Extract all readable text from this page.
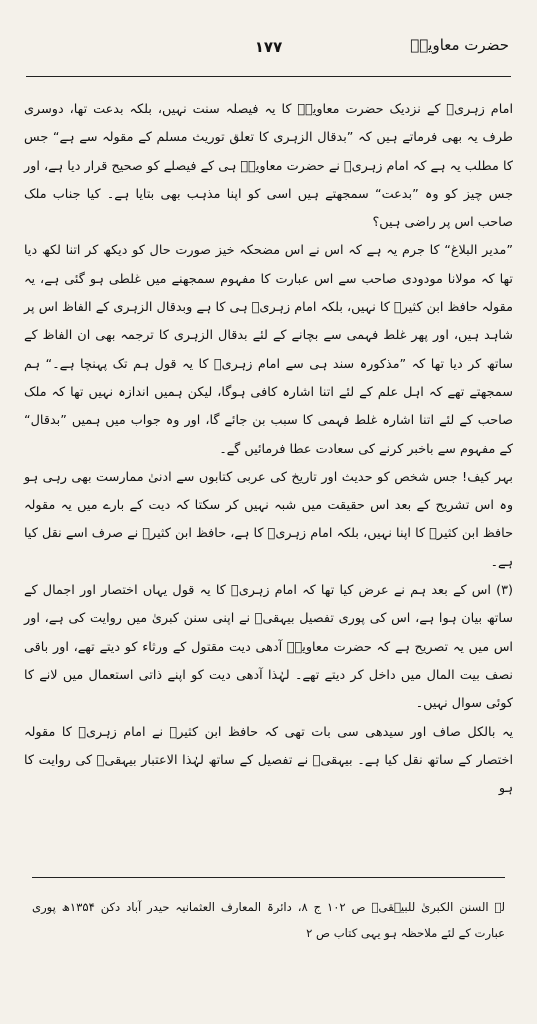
حضرت معاویہؓ
۱۷۷

امام زہریؒ کے نزدیک حضرت معاویہؓ کا یہ فیصلہ سنت نہیں، بلکہ بدعت تھا، دوسری طرف یہ بھی فرماتے ہیں کہ ”بدقال الزہری کا تعلق توریث مسلم کے مقولہ سے ہے“ جس کا مطلب یہ ہے کہ امام زہریؒ نے حضرت معاویہؓ ہی کے فیصلے کو صحیح قرار دیا ہے، اور جس چیز کو وہ ”بدعت“ سمجھتے ہیں اسی کو اپنا مذہب بھی بتایا ہے۔ کیا جناب ملک صاحب اس پر راضی ہیں؟

”مدیر البلاغ“ کا جرم یہ ہے کہ اس نے اس مضحکہ خیز صورت حال کو دیکھ کر اتنا لکھ دیا تھا کہ مولانا مودودی صاحب سے اس عبارت کا مفہوم سمجھنے میں غلطی ہو گئی ہے، یہ مقولہ حافظ ابن کثیرؒ کا نہیں، بلکہ امام زہریؒ ہی کا ہے وبدقال الزہری کے الفاظ اس پر شاہد ہیں، اور پھر غلط فہمی سے بچانے کے لئے بدقال الزہری کا ترجمہ بھی ان الفاظ کے ساتھ کر دیا تھا کہ ”مذکورہ سند ہی سے امام زہریؒ کا یہ قول ہم تک پہنچا ہے۔“ ہم سمجھتے تھے کہ اہل علم کے لئے اتنا اشارہ کافی ہوگا، لیکن ہمیں اندازہ نہیں تھا کہ ملک صاحب کے لئے اتنا اشارہ غلط فہمی کا سبب بن جائے گا، اور وہ جواب میں ہمیں ”بدقال“ کے مفہوم سے باخبر کرنے کی سعادت عطا فرمائیں گے۔

بہر کیف! جس شخص کو حدیث اور تاریخ کی عربی کتابوں سے ادنیٰ ممارست بھی رہی ہو وہ اس تشریح کے بعد اس حقیقت میں شبہ نہیں کر سکتا کہ دیت کے بارے میں یہ مقولہ حافظ ابن کثیرؒ کا اپنا نہیں، بلکہ امام زہریؒ کا ہے، حافظ ابن کثیرؒ نے صرف اسے نقل کیا ہے۔

(۳) اس کے بعد ہم نے عرض کیا تھا کہ امام زہریؒ کا یہ قول یہاں اختصار اور اجمال کے ساتھ بیان ہوا ہے، اس کی پوری تفصیل بیہقیؒ نے اپنی سنن کبریٰ میں روایت کی ہے، اور اس میں یہ تصریح ہے کہ حضرت معاویہؓ آدھی دیت مقتول کے ورثاء کو دیتے تھے، اور باقی نصف بیت المال میں داخل کر دیتے تھے۔ لہٰذا آدھی دیت کو اپنے ذاتی استعمال میں لانے کا کوئی سوال نہیں۔

یہ بالکل صاف اور سیدھی سی بات تھی کہ حافظ ابن کثیرؒ نے امام زہریؒ کا مقولہ اختصار کے ساتھ نقل کیا ہے۔ بیہقیؒ نے تفصیل کے ساتھ لہٰذا الاعتبار بیہقیؒ کی روایت کا ہو

لہ السنن الکبریٰ للبیہقیؒ ص ۱۰۲ ج ۸، دائرۃ المعارف العثمانیہ حیدر آباد دکن ۱۳۵۴ھ پوری عبارت کے لئے ملاحظہ ہو یہی کتاب ص ۲
